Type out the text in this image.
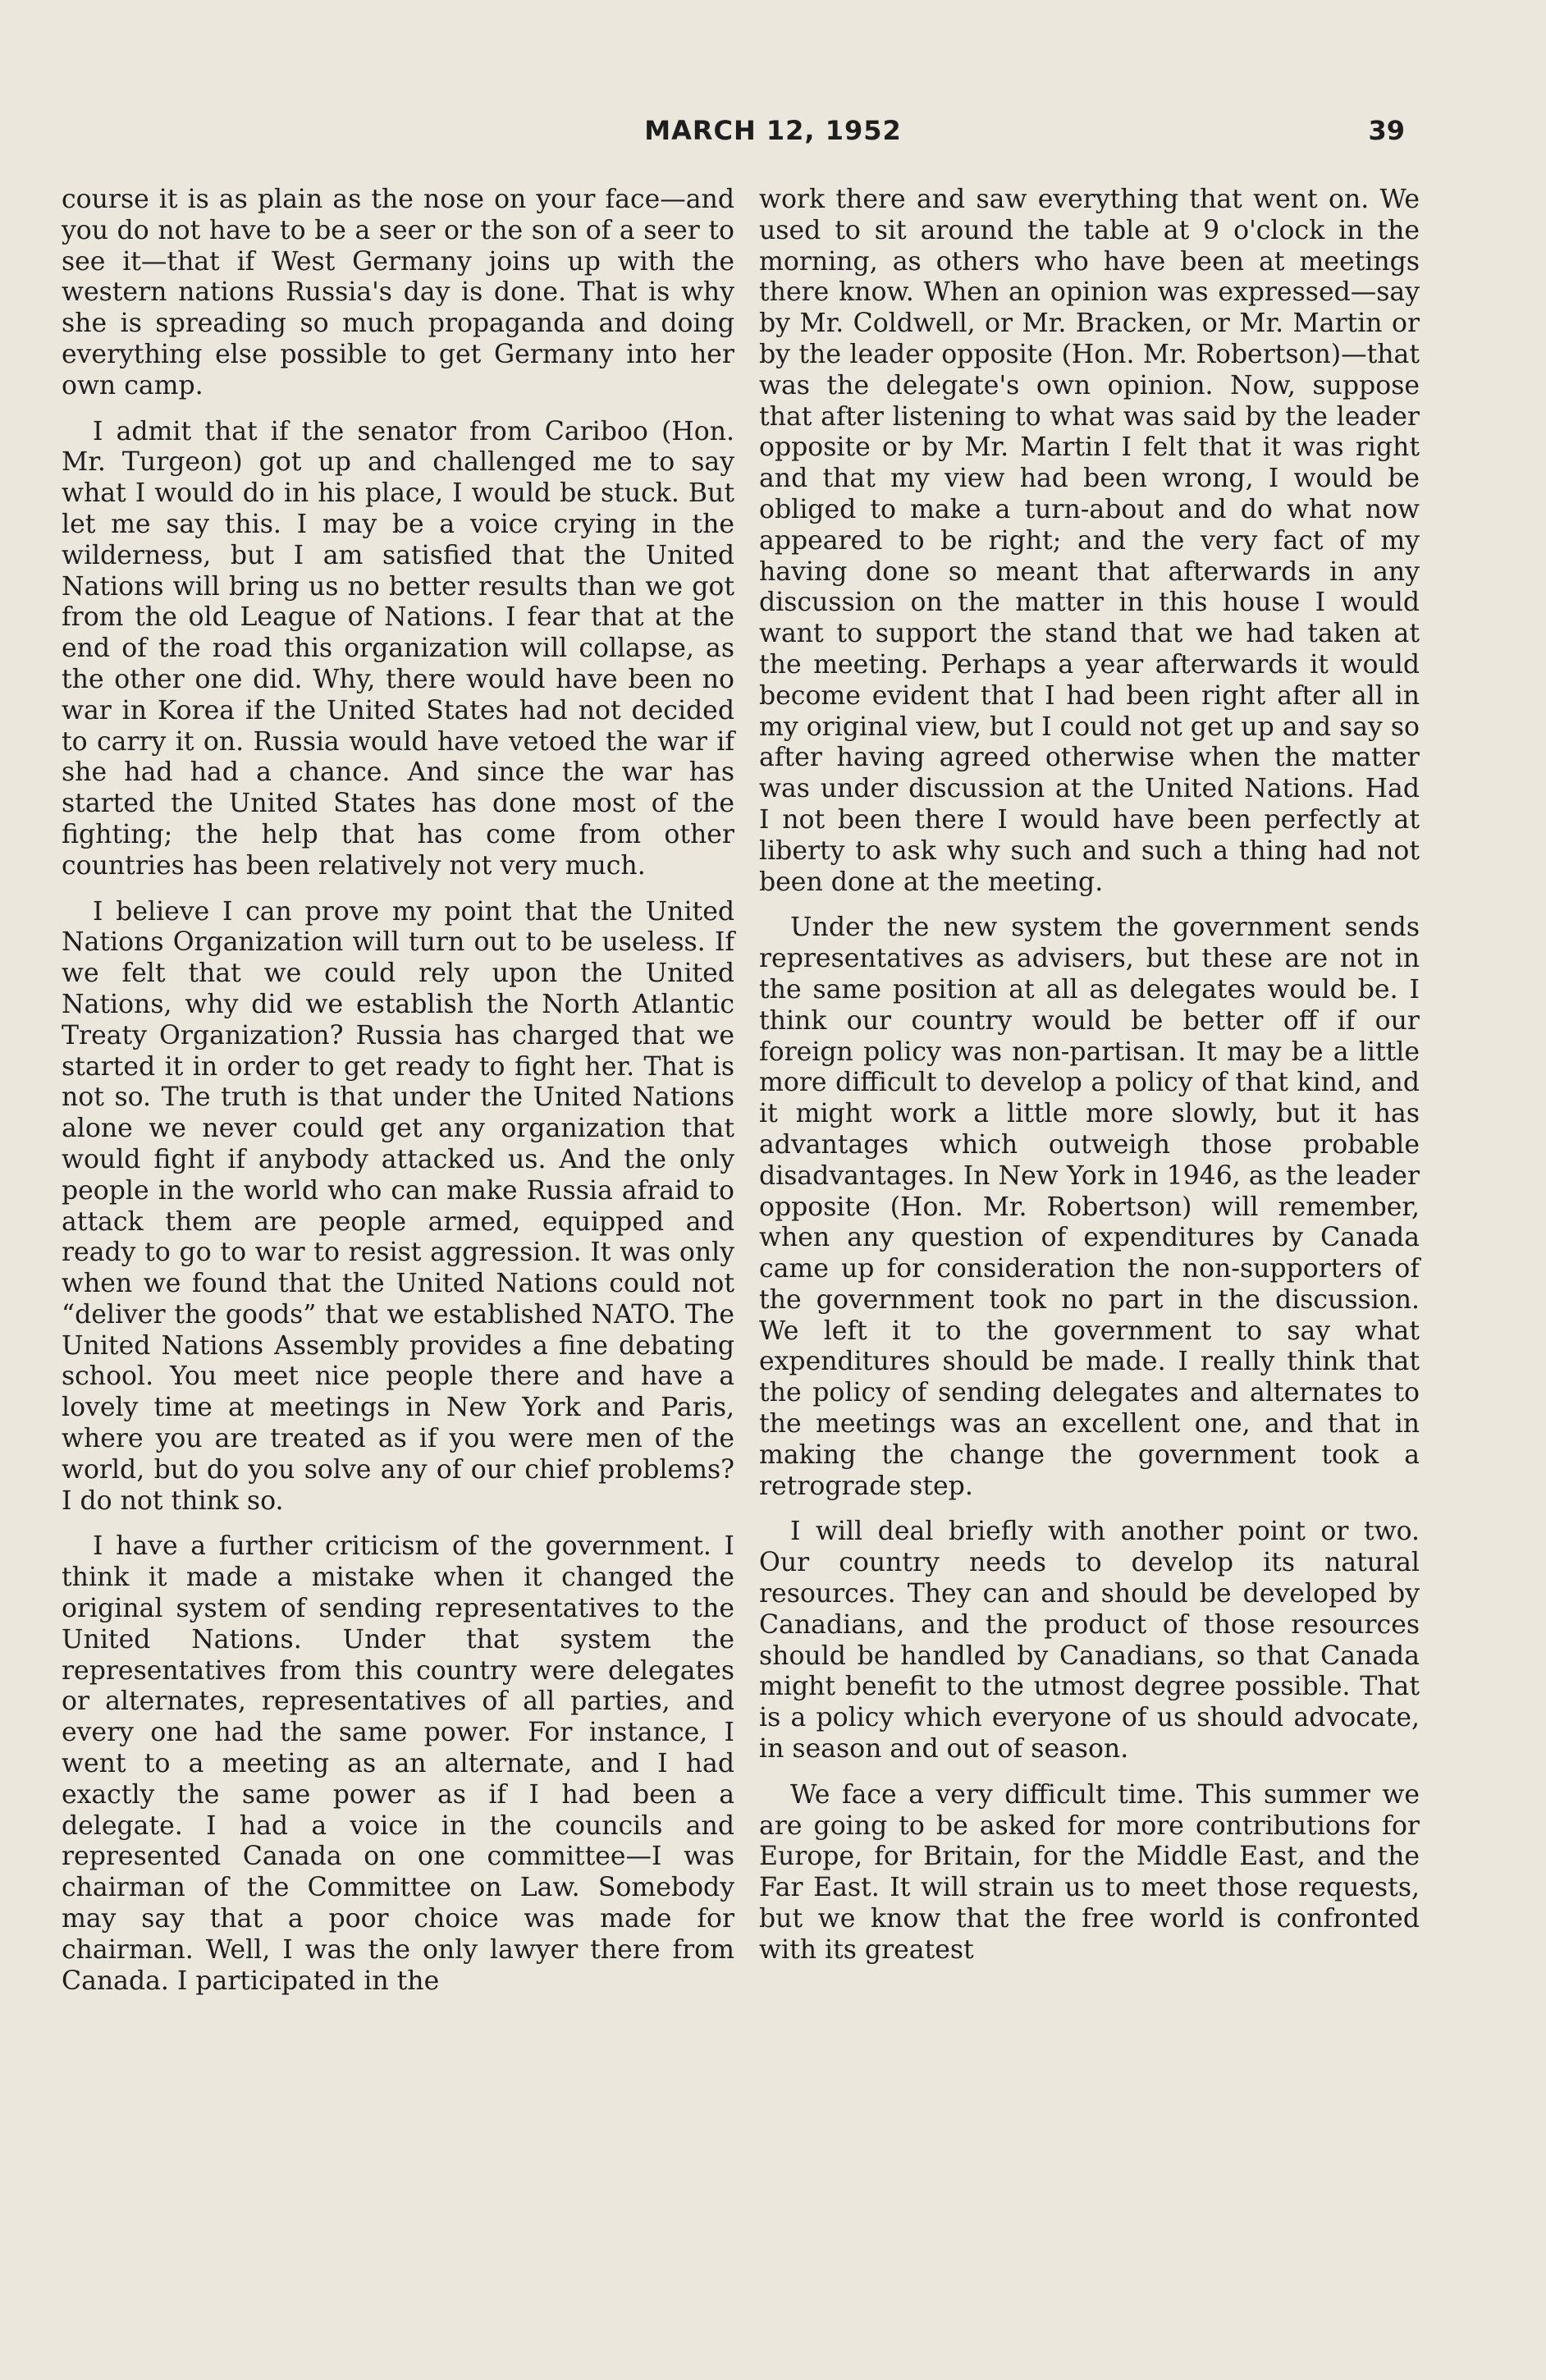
MARCH 12, 1952	39

course it is as plain as the nose on your face—and you do not have to be a seer or the son of a seer to see it—that if West Germany joins up with the western nations Russia's day is done. That is why she is spreading so much propaganda and doing everything else possible to get Germany into her own camp.

I admit that if the senator from Cariboo (Hon. Mr. Turgeon) got up and challenged me to say what I would do in his place, I would be stuck. But let me say this. I may be a voice crying in the wilderness, but I am satisfied that the United Nations will bring us no better results than we got from the old League of Nations. I fear that at the end of the road this organization will collapse, as the other one did. Why, there would have been no war in Korea if the United States had not decided to carry it on. Russia would have vetoed the war if she had had a chance. And since the war has started the United States has done most of the fighting; the help that has come from other countries has been relatively not very much.

I believe I can prove my point that the United Nations Organization will turn out to be useless. If we felt that we could rely upon the United Nations, why did we establish the North Atlantic Treaty Organization? Russia has charged that we started it in order to get ready to fight her. That is not so. The truth is that under the United Nations alone we never could get any organization that would fight if anybody attacked us. And the only people in the world who can make Russia afraid to attack them are people armed, equipped and ready to go to war to resist aggression. It was only when we found that the United Nations could not “deliver the goods” that we established NATO. The United Nations Assembly provides a fine debating school. You meet nice people there and have a lovely time at meetings in New York and Paris, where you are treated as if you were men of the world, but do you solve any of our chief problems? I do not think so.

I have a further criticism of the government. I think it made a mistake when it changed the original system of sending representatives to the United Nations. Under that system the representatives from this country were delegates or alternates, representatives of all parties, and every one had the same power. For instance, I went to a meeting as an alternate, and I had exactly the same power as if I had been a delegate. I had a voice in the councils and represented Canada on one committee—I was chairman of the Committee on Law. Somebody may say that a poor choice was made for chairman. Well, I was the only lawyer there from Canada. I participated in the

work there and saw everything that went on. We used to sit around the table at 9 o'clock in the morning, as others who have been at meetings there know. When an opinion was expressed—say by Mr. Coldwell, or Mr. Bracken, or Mr. Martin or by the leader opposite (Hon. Mr. Robertson)—that was the delegate's own opinion. Now, suppose that after listening to what was said by the leader opposite or by Mr. Martin I felt that it was right and that my view had been wrong, I would be obliged to make a turn-about and do what now appeared to be right; and the very fact of my having done so meant that afterwards in any discussion on the matter in this house I would want to support the stand that we had taken at the meeting. Perhaps a year afterwards it would become evident that I had been right after all in my original view, but I could not get up and say so after having agreed otherwise when the matter was under discussion at the United Nations. Had I not been there I would have been perfectly at liberty to ask why such and such a thing had not been done at the meeting.

Under the new system the government sends representatives as advisers, but these are not in the same position at all as delegates would be. I think our country would be better off if our foreign policy was non-partisan. It may be a little more difficult to develop a policy of that kind, and it might work a little more slowly, but it has advantages which outweigh those probable disadvantages. In New York in 1946, as the leader opposite (Hon. Mr. Robertson) will remember, when any question of expenditures by Canada came up for consideration the non-supporters of the government took no part in the discussion. We left it to the government to say what expenditures should be made. I really think that the policy of sending delegates and alternates to the meetings was an excellent one, and that in making the change the government took a retrograde step.

I will deal briefly with another point or two. Our country needs to develop its natural resources. They can and should be developed by Canadians, and the product of those resources should be handled by Canadians, so that Canada might benefit to the utmost degree possible. That is a policy which everyone of us should advocate, in season and out of season.

We face a very difficult time. This summer we are going to be asked for more contributions for Europe, for Britain, for the Middle East, and the Far East. It will strain us to meet those requests, but we know that the free world is confronted with its greatest
